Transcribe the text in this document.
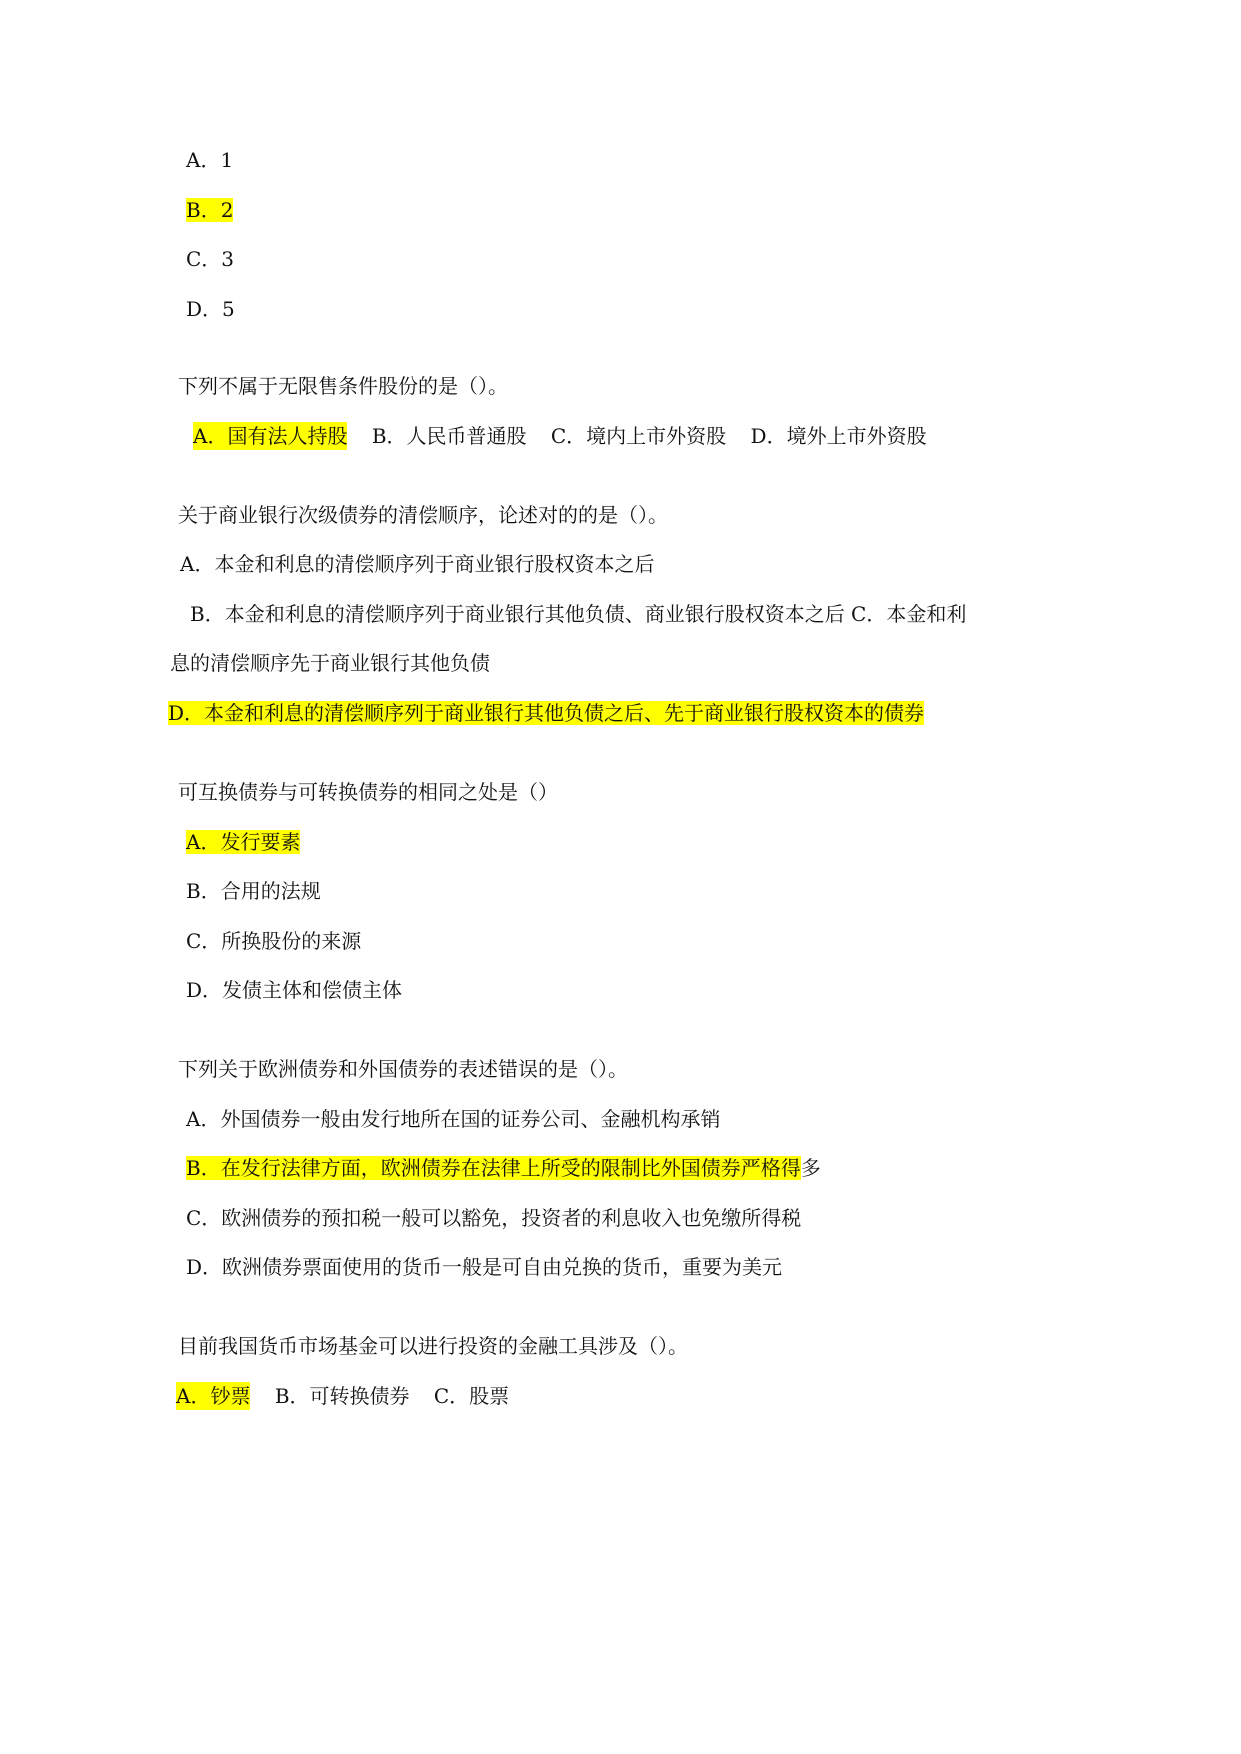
A．1
B．2
C．3
D．5
下列不属于无限售条件股份的是（）。
A．国有法人持股 B．人民币普通股 C．境内上市外资股 D．境外上市外资股
关于商业银行次级债券的清偿顺序，论述对的的是（）。
A．本金和利息的清偿顺序列于商业银行股权资本之后
B．本金和利息的清偿顺序列于商业银行其他负债、商业银行股权资本之后 C．本金和利
息的清偿顺序先于商业银行其他负债
D．本金和利息的清偿顺序列于商业银行其他负债之后、先于商业银行股权资本的债券
可互换债券与可转换债券的相同之处是（）
A．发行要素
B．合用的法规
C．所换股份的来源
D．发债主体和偿债主体
下列关于欧洲债券和外国债券的表述错误的是（）。
A．外国债券一般由发行地所在国的证券公司、金融机构承销
B．在发行法律方面，欧洲债券在法律上所受的限制比外国债券严格得多
C．欧洲债券的预扣税一般可以豁免，投资者的利息收入也免缴所得税
D．欧洲债券票面使用的货币一般是可自由兑换的货币，重要为美元
目前我国货币市场基金可以进行投资的金融工具涉及（）。
A．钞票 B．可转换债券 C．股票
